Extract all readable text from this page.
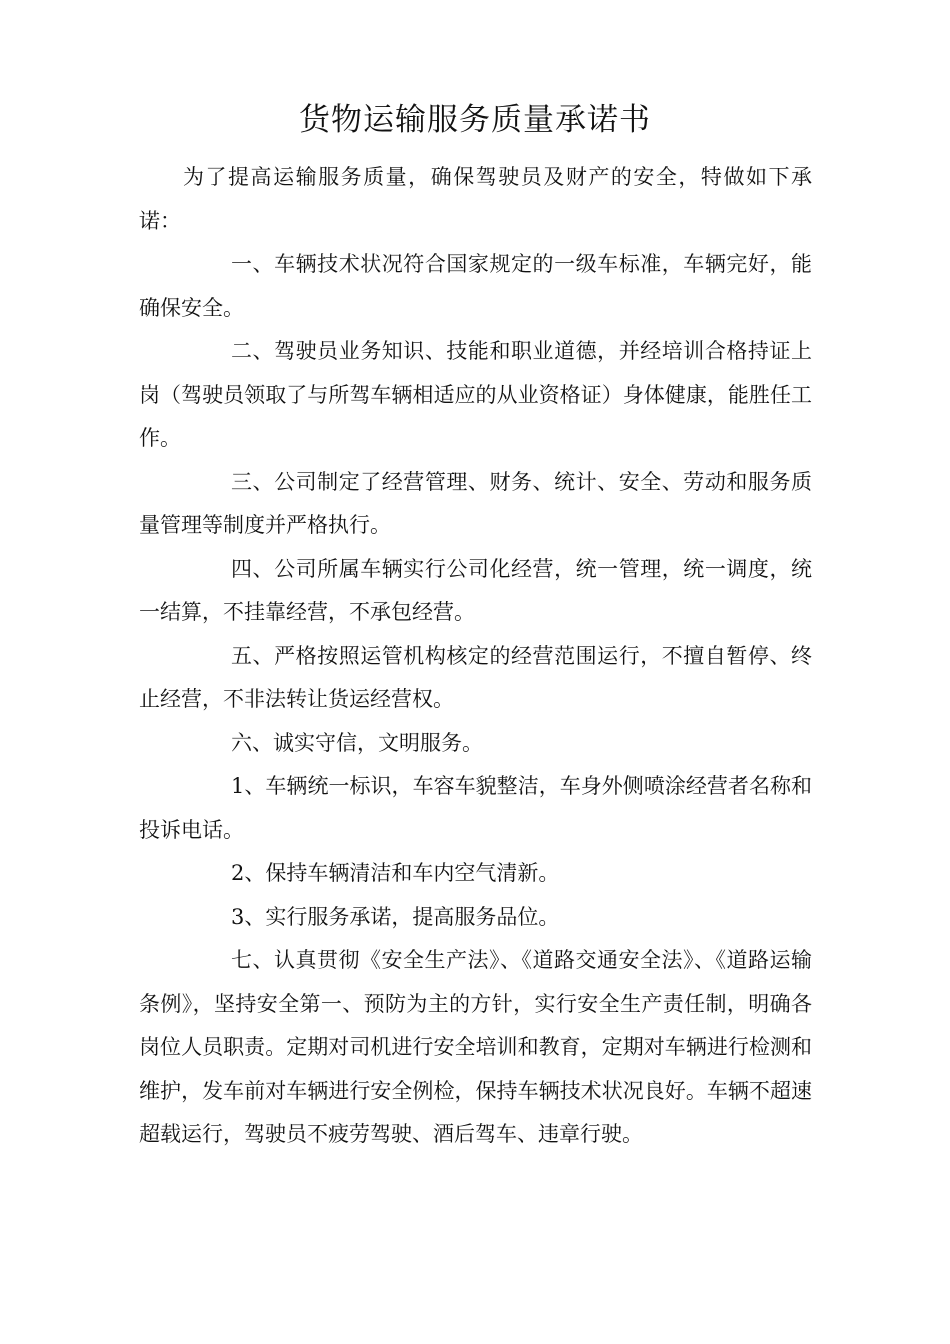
货物运输服务质量承诺书

为了提高运输服务质量，确保驾驶员及财产的安全，特做如下承诺：

一、车辆技术状况符合国家规定的一级车标准，车辆完好，能确保安全。

二、驾驶员业务知识、技能和职业道德，并经培训合格持证上岗（驾驶员领取了与所驾车辆相适应的从业资格证）身体健康，能胜任工作。

三、公司制定了经营管理、财务、统计、安全、劳动和服务质量管理等制度并严格执行。

四、公司所属车辆实行公司化经营，统一管理，统一调度，统一结算，不挂靠经营，不承包经营。

五、严格按照运管机构核定的经营范围运行，不擅自暂停、终止经营，不非法转让货运经营权。

六、诚实守信，文明服务。

1、车辆统一标识，车容车貌整洁，车身外侧喷涂经营者名称和投诉电话。

2、保持车辆清洁和车内空气清新。

3、实行服务承诺，提高服务品位。

七、认真贯彻《安全生产法》、《道路交通安全法》、《道路运输条例》，坚持安全第一、预防为主的方针，实行安全生产责任制，明确各岗位人员职责。定期对司机进行安全培训和教育，定期对车辆进行检测和维护，发车前对车辆进行安全例检，保持车辆技术状况良好。车辆不超速超载运行，驾驶员不疲劳驾驶、酒后驾车、违章行驶。
